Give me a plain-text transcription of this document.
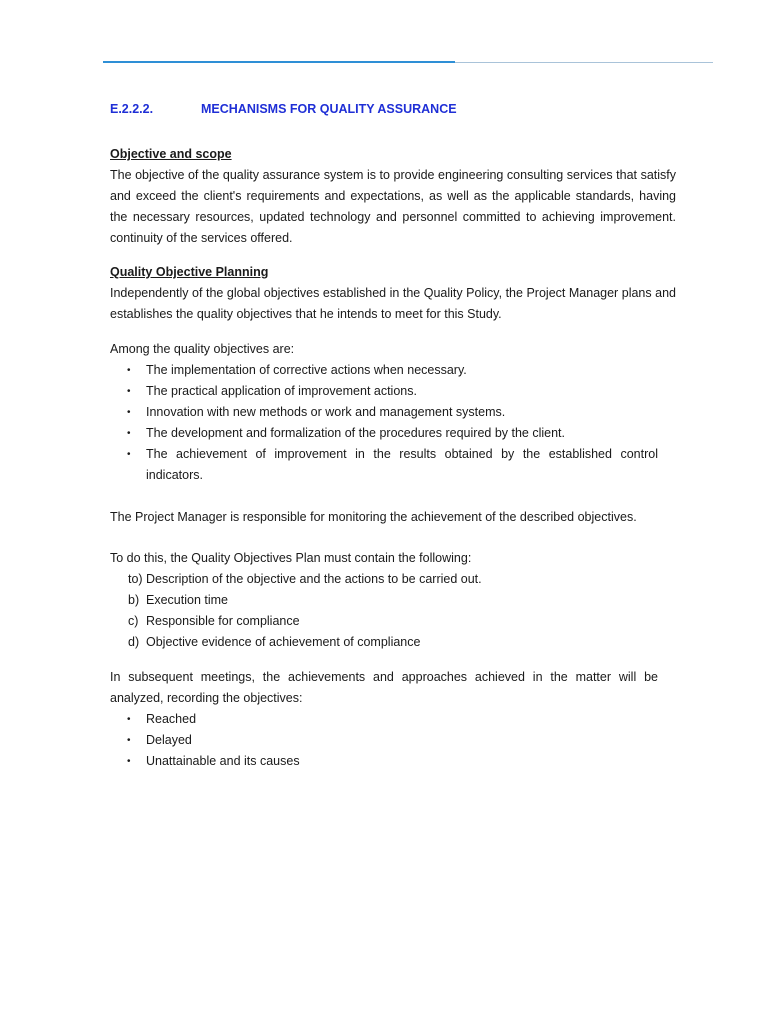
E.2.2.2.	MECHANISMS FOR QUALITY ASSURANCE
Objective and scope
The objective of the quality assurance system is to provide engineering consulting services that satisfy and exceed the client's requirements and expectations, as well as the applicable standards, having the necessary resources, updated technology and personnel committed to achieving improvement. continuity of the services offered.
Quality Objective Planning
Independently of the global objectives established in the Quality Policy, the Project Manager plans and establishes the quality objectives that he intends to meet for this Study.
Among the quality objectives are:
• The implementation of corrective actions when necessary.
• The practical application of improvement actions.
• Innovation with new methods or work and management systems.
• The development and formalization of the procedures required by the client.
• The achievement of improvement in the results obtained by the established control indicators.
The Project Manager is responsible for monitoring the achievement of the described objectives.
To do this, the Quality Objectives Plan must contain the following:
to) Description of the objective and the actions to be carried out.
b) Execution time
c) Responsible for compliance
d) Objective evidence of achievement of compliance
In subsequent meetings, the achievements and approaches achieved in the matter will be analyzed, recording the objectives:
• Reached
• Delayed
• Unattainable and its causes
